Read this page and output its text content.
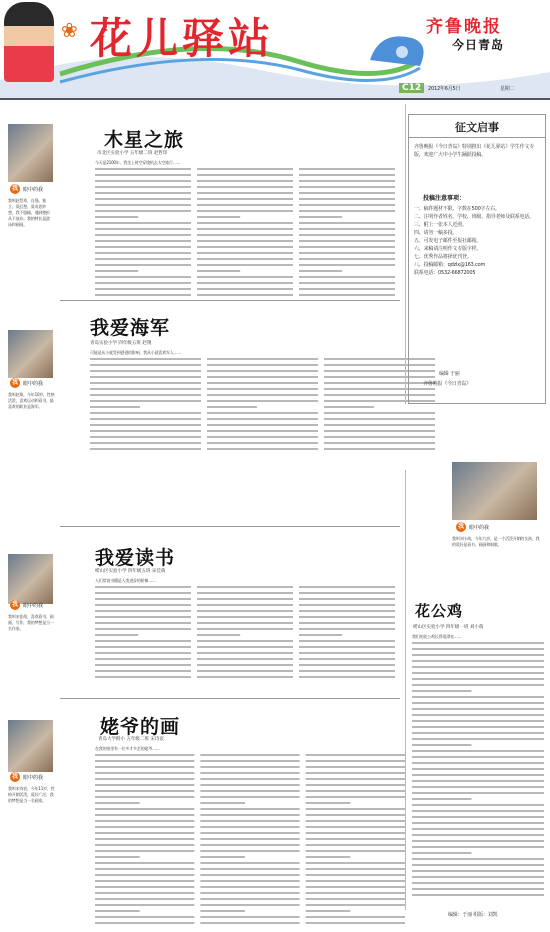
花儿驿站
❀	齐鲁晚报
今日青岛
C12	2012年6月5日	星期二
我	眼中的我
我叫赵哲玮，自强、独立、爱幻想、爱奇思妙想，我不服输，遇到挫折从不放弃。我的特长是游泳和画画。
木星之旅
市北区实验小学 五年级二班 赵哲玮
今天是2100年，我坐上时空穿梭机去太空旅行……
我	眼中的我
我叫赵翔，今年10岁，性格活泼，喜欢运动和看书，最喜欢的职业是海军。
我爱海军
青岛实验小学 四年级五班 赵翔
可能是从小就受到爸爸的影响，我从小就喜欢军人……
我	眼中的我
我叫宋佳萌，喜欢看书、画画、写作，我的梦想是当一名作家。
我爱读书
崂山区实验小学 四年级五班 宋佳萌
人们常说书籍是人类进步的阶梯……
我	眼中的我
我叫宋诗宸，今年11岁，性格开朗活泼，爱好广泛，我的梦想是当一名画家。
姥爷的画
青岛大学附小 五年级二班 宋诗宸
在我的家里有一位多才多艺的姥爷……
征文启事
齐鲁晚报《今日青岛》特别推出《花儿驿站》学生作文专版，欢迎广大中小学生踊跃投稿。
投稿注意事项：
一、稿件题材不限，字数在500字左右。
二、注明作者姓名、学校、班级、指导老师及联系电话。
三、附上一张本人近照。
四、请勿一稿多投。
五、可发电子邮件至报社邮箱。
六、来稿请注明作文专版字样。
七、优秀作品将择优刊登。
八、投稿邮箱：qdzlx@163.com
联系电话：0532-66872005
编辑 于丽
齐鲁晚报《今日青岛》
我	眼中的我
我叫刘小萌，今年九岁，是一个活泼开朗的女孩，我的爱好是看书、画画和唱歌。
花公鸡
崂山区实验小学 四年级一班 刘小萌
我们的花公鸡长得很漂亮……
编辑：于丽 组版：刘凯
